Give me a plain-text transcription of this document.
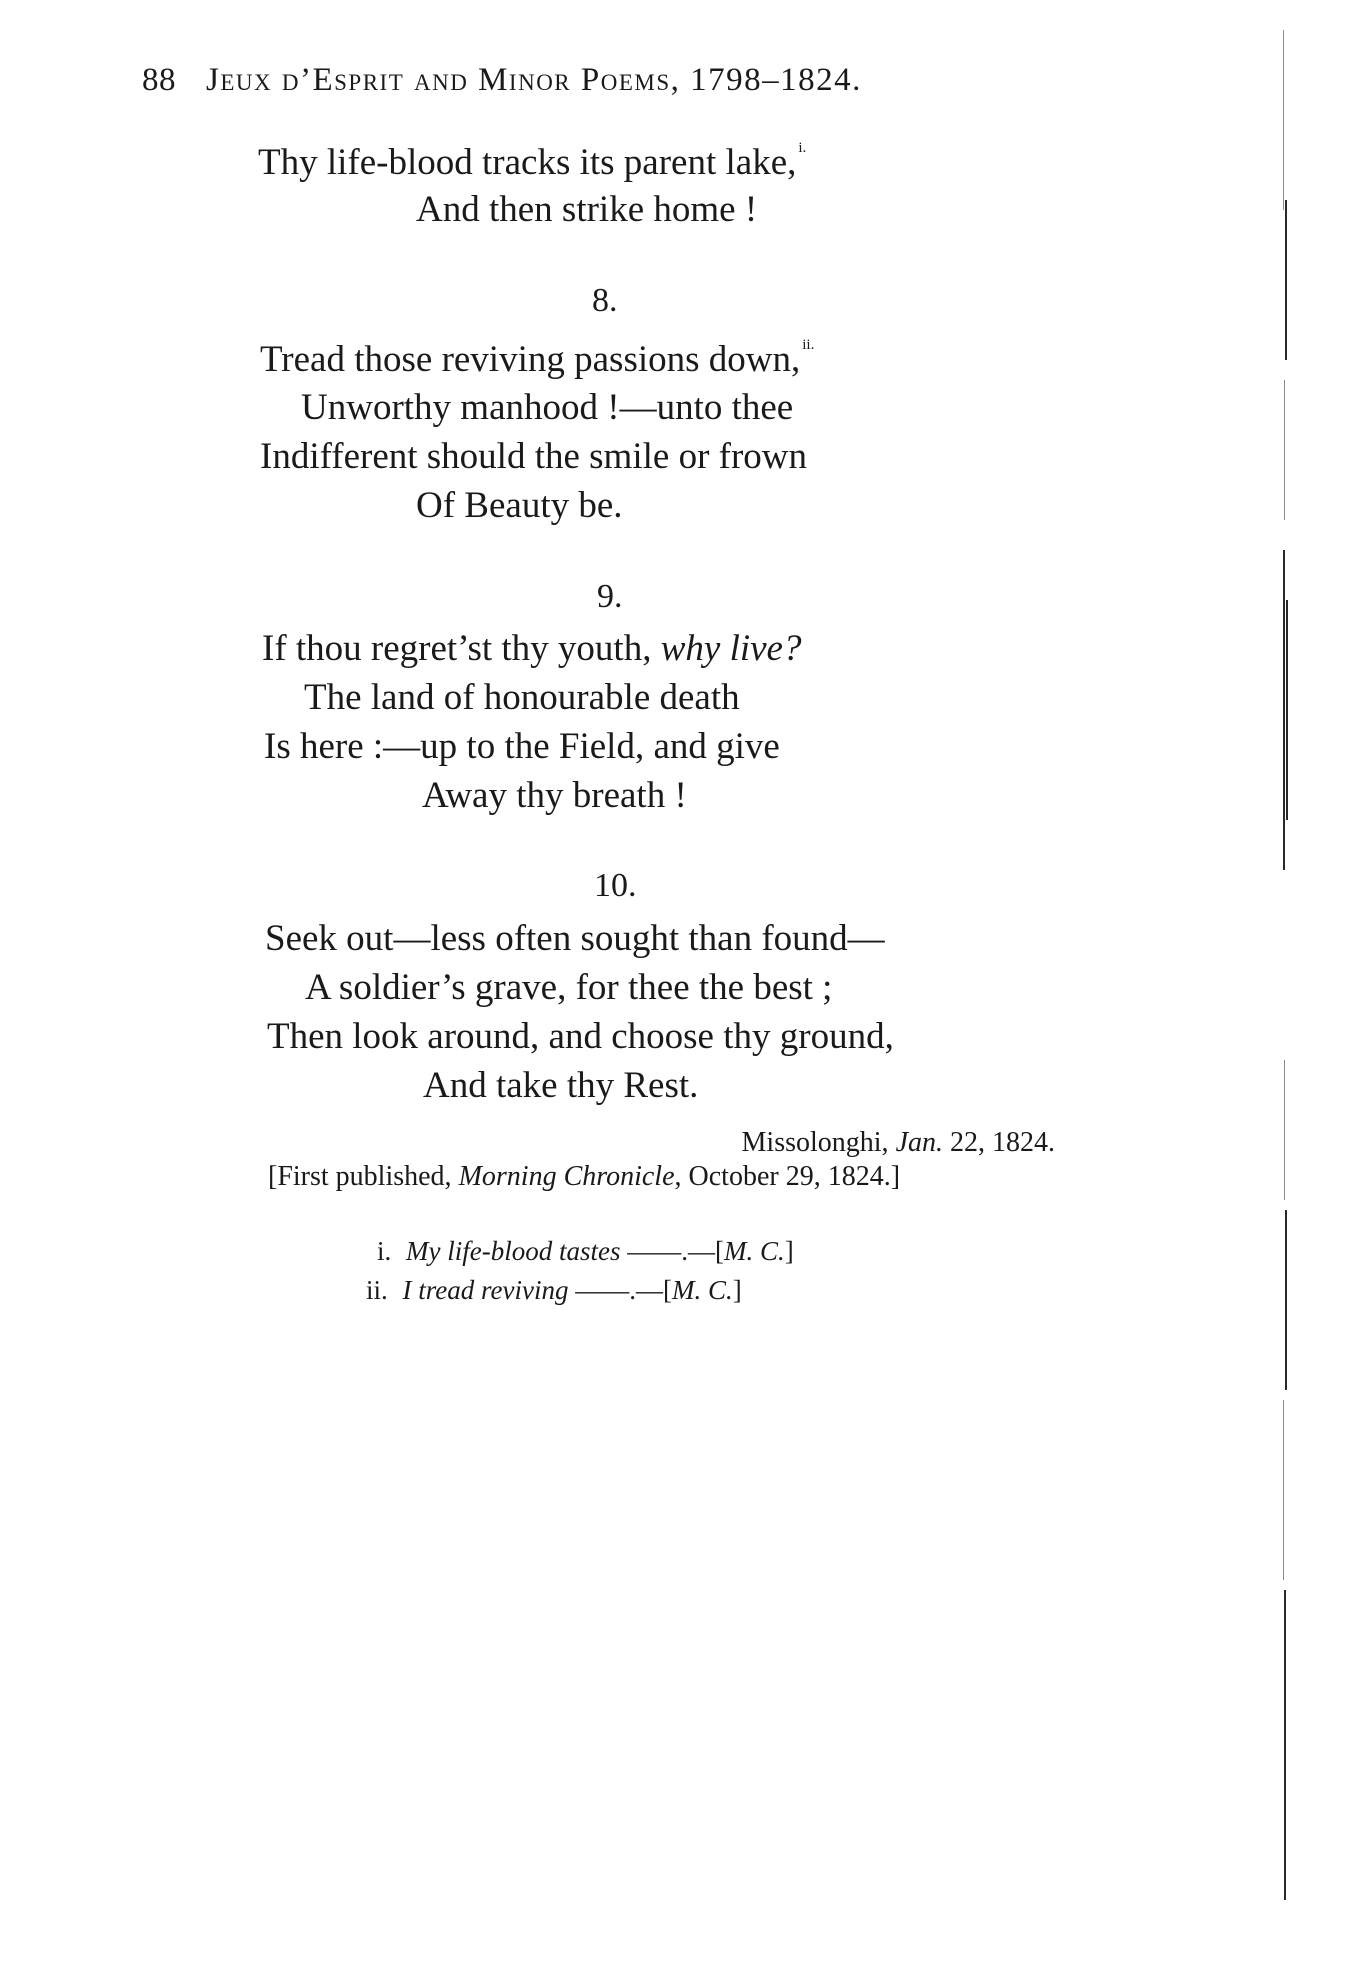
88 Jeux d’Esprit and Minor Poems, 1798–1824.
Thy life-blood tracks its parent lake, $^{i.}$
And then strike home !
8.
Tread those reviving passions down, $^{ii.}$
Unworthy manhood !—unto thee
Indifferent should the smile or frown
Of Beauty be.
9.
If thou regret’st thy youth, why live?
The land of honourable death
Is here :—up to the Field, and give
Away thy breath !
10.
Seek out—less often sought than found—
A soldier’s grave, for thee the best ;
Then look around, and choose thy ground,
And take thy Rest.
Missolonghi, Jan. 22, 1824.
[First published, Morning Chronicle, October 29, 1824.]
i. My life-blood tastes ——.—[M. C.]
ii. I tread reviving ——.—[M. C.]
